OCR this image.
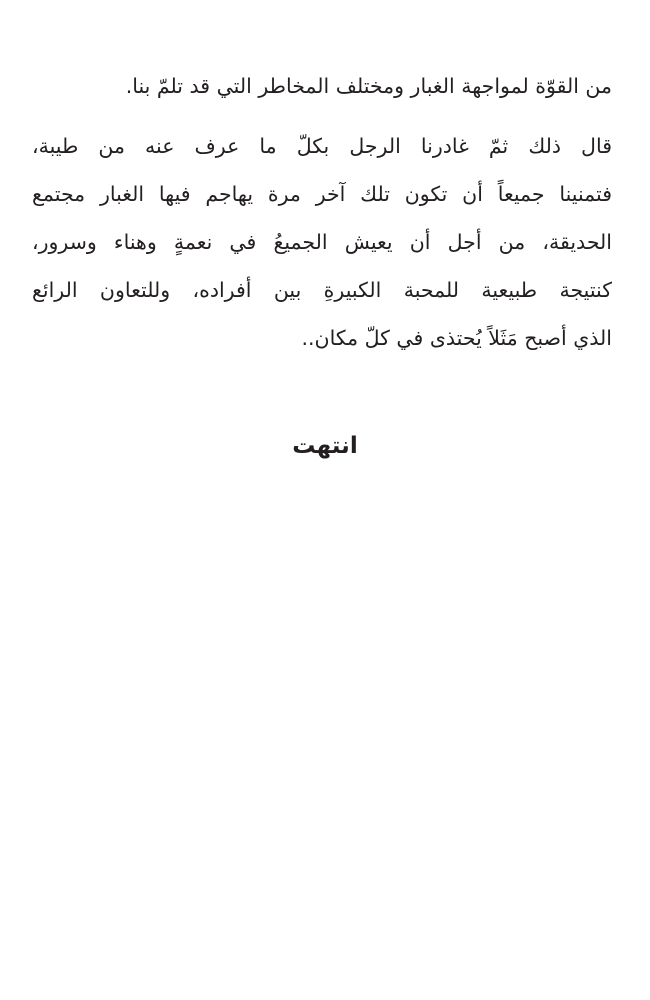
من القوّة لمواجهة الغبار ومختلف المخاطر التي قد تلمّ بنا.
قال ذلك ثمّ غادرنا الرجل بكلّ ما عرف عنه من طيبة،
فتمنينا جميعاً أن تكون تلك آخر مرة يهاجم فيها الغبار مجتمع
الحديقة، من أجل أن يعيش الجميعُ في نعمةٍ وهناء وسرور،
كنتيجة طبيعية للمحبة الكبيرةِ بين أفراده، وللتعاون الرائع
الذي أصبح مَثَلاً يُحتذى في كلّ مكان..
انتهت
